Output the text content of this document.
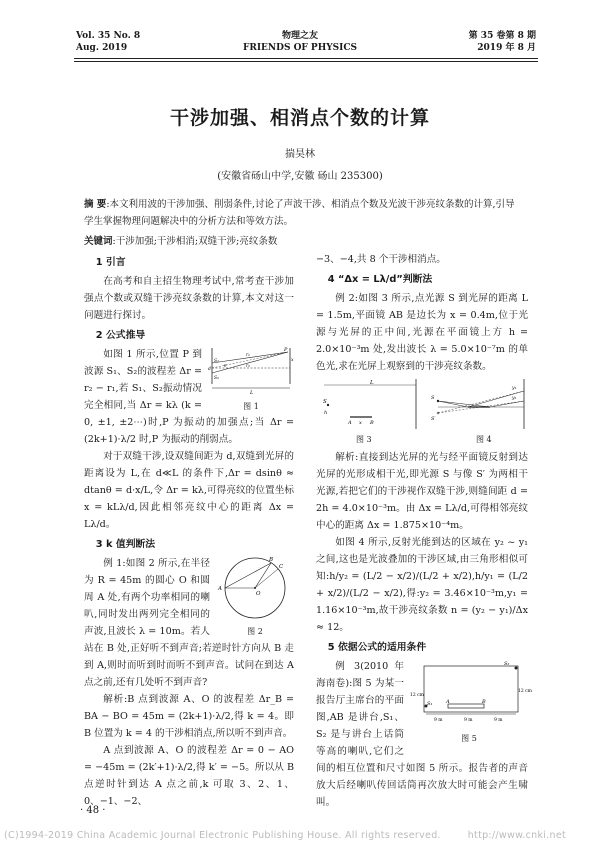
Vol. 35 No. 8
Aug. 2019
物理之友
FRIENDS OF PHYSICS
第 35 卷第 8 期
2019 年 8 月
干涉加强、相消点个数的计算
揣昊林
(安徽省砀山中学,安徽 砀山 235300)
摘 要:本文利用波的干涉加强、削弱条件,讨论了声波干涉、相消点个数及光波干涉亮纹条数的计算,引导学生掌握物理问题解决中的分析方法和等效方法。
关键词:干涉加强;干涉相消;双缝干涉;亮纹条数
1 引言

在高考和自主招生物理考试中,常考查干涉加强点个数或双缝干涉亮纹条数的计算,本文对这一问题进行探讨。

2 公式推导
P
S₁
S₂
r₁
r₂
d
L
θ
x
图 1

如图 1 所示,位置 P 到波源 S₁、S₂的波程差 Δr = r₂ − r₁,若 S₁、S₂振动情况完全相同,当 Δr = kλ (k = 0, ±1, ±2⋯)时,P 为振动的加强点;当 Δr = (2k+1)·λ/2 时,P 为振动的削弱点。

对于双缝干涉,设双缝间距为 d,双缝到光屏的距离设为 L,在 d≪L 的条件下,Δr = dsinθ ≈ dtanθ = d·x/L,令 Δr = kλ,可得亮纹的位置坐标 x = kLλ/d,因此相邻亮纹中心的距离 Δx = Lλ/d。

3 k 值判断法
A
B
C
O
图 2

例 1:如图 2 所示,在半径为 R = 45m 的圆心 O 和圆周 A 处,有两个功率相同的喇叭,同时发出两列完全相同的声波,且波长 λ = 10m。若人站在 B 处,正好听不到声音;若逆时针方向从 B 走到 A,则时而听到时而听不到声音。试问在到达 A 点之前,还有几处听不到声音?

解析:B 点到波源 A、O 的波程差 Δr_B = BA − BO = 45m = (2k+1)·λ/2,得 k = 4。即 B 位置为 k = 4 的干涉相消点,所以听不到声音。

A 点到波源 A、O 的波程差 Δr = 0 − AO = −45m = (2k′+1)·λ/2,得 k′ = −5。所以从 B 点逆时针到达 A 点之前,k 可取 3、2、1、0、−1、−2、

−3、−4,共 8 个干涉相消点。

4 “Δx = Lλ/d”判断法

例 2:如图 3 所示,点光源 S 到光屏的距离 L = 1.5m,平面镜 AB 是边长为 x = 0.4m,位于光源与光屏的正中间,光源在平面镜上方 h = 2.0×10⁻³m 处,发出波长 λ = 5.0×10⁻⁷m 的单色光,求在光屏上观察到的干涉亮纹条数。

S
h
A x B
L
图 3
S
S′
y₁
y₂
图 4

解析:直接到达光屏的光与经平面镜反射到达光屏的光形成相干光,即光源 S 与像 S′ 为两相干光源,若把它们的干涉视作双缝干涉,则缝间距 d = 2h = 4.0×10⁻³m。由 Δx = Lλ/d,可得相邻亮纹中心的距离 Δx = 1.875×10⁻⁴m。

如图 4 所示,反射光能到达的区域在 y₂ ~ y₁ 之间,这也是光波叠加的干涉区域,由三角形相似可知:h/y₂ = (L/2 − x/2)/(L/2 + x/2),h/y₁ = (L/2 + x/2)/(L/2 − x/2),得:y₂ = 3.46×10⁻³m,y₁ = 1.16×10⁻³m,故干涉亮纹条数 n = (y₂ − y₁)/Δx ≈ 12。

5 依据公式的适用条件
S₁
S₂
A	B
12 cm
12 cm
9 m	9 m	9 m
图 5

例 3(2010 年海南卷):图 5 为某一报告厅主席台的平面图,AB 是讲台,S₁、S₂ 是与讲台上话筒等高的喇叭,它们之间的相互位置和尺寸如图 5 所示。报告者的声音放大后经喇叭传回话筒再次放大时可能会产生啸叫。

· 48 ·
(C)1994-2019 China Academic Journal Electronic Publishing House. All rights reserved.	http://www.cnki.net
